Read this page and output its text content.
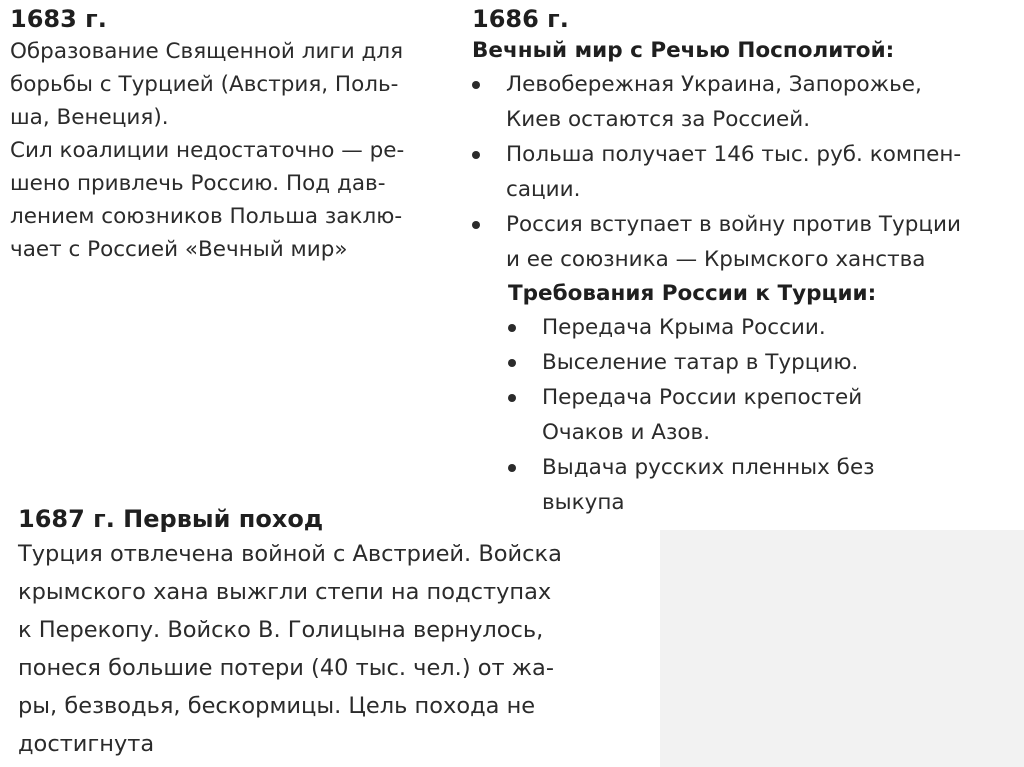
1683 г.

Образование Священной лиги для

борьбы с Турцией (Австрия, Поль-

ша, Венеция).

Сил коалиции недостаточно — ре-

шено привлечь Россию. Под дав-

лением союзников Польша заклю-

чает с Россией «Вечный мир»

1686 г.
Вечный мир с Речью Посполитой:
Левобережная Украина, Запорожье,
Киев остаются за Россией.
Польша получает 146 тыс. руб. компен-
сации.
Россия вступает в войну против Турции
и ее союзника — Крымского ханства
Требования России к Турции:
Передача Крыма России.
Выселение татар в Турцию.
Передача России крепостей
Очаков и Азов.
Выдача русских пленных без
выкупа
1687 г. Первый поход

Турция отвлечена войной с Австрией. Войска

крымского хана выжгли степи на подступах

к Перекопу. Войско В. Голицына вернулось,

понеся большие потери (40 тыс. чел.) от жа-

ры, безводья, бескормицы. Цель похода не

достигнута
